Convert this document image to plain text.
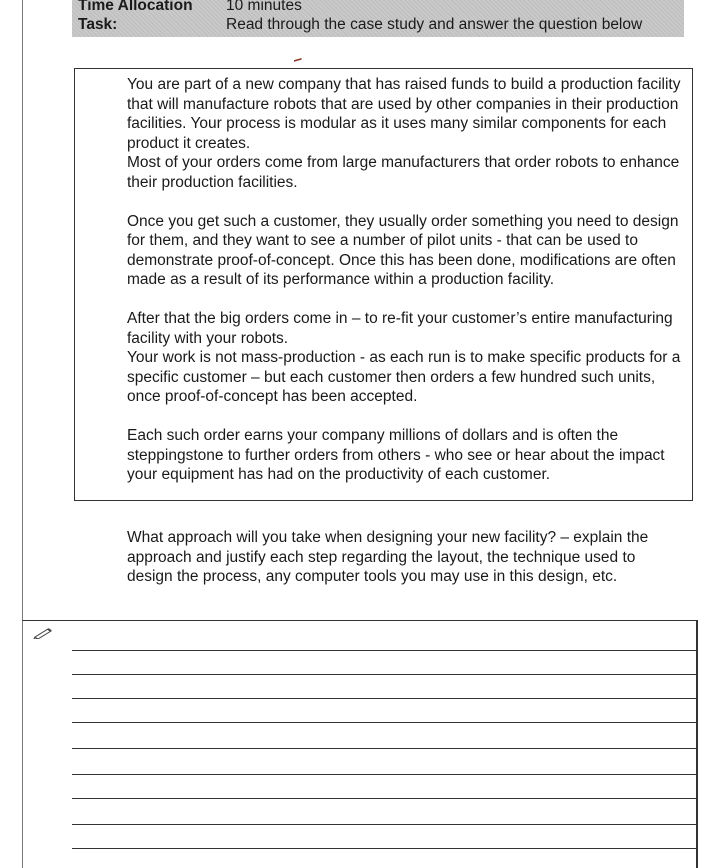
Time Allocation 10 minutes
Task:	Read through the case study and answer the question below

You are part of a new company that has raised funds to build a production facility that will manufacture robots that are used by other companies in their production facilities. Your process is modular as it uses many similar components for each product it creates.
Most of your orders come from large manufacturers that order robots to enhance their production facilities.

Once you get such a customer, they usually order something you need to design for them, and they want to see a number of pilot units - that can be used to demonstrate proof-of-concept. Once this has been done, modifications are often made as a result of its performance within a production facility.

After that the big orders come in – to re-fit your customer’s entire manufacturing facility with your robots.
Your work is not mass-production - as each run is to make specific products for a specific customer – but each customer then orders a few hundred such units, once proof-of-concept has been accepted.

Each such order earns your company millions of dollars and is often the steppingstone to further orders from others - who see or hear about the impact your equipment has had on the productivity of each customer.

What approach will you take when designing your new facility? – explain the approach and justify each step regarding the layout, the technique used to design the process, any computer tools you may use in this design, etc.
